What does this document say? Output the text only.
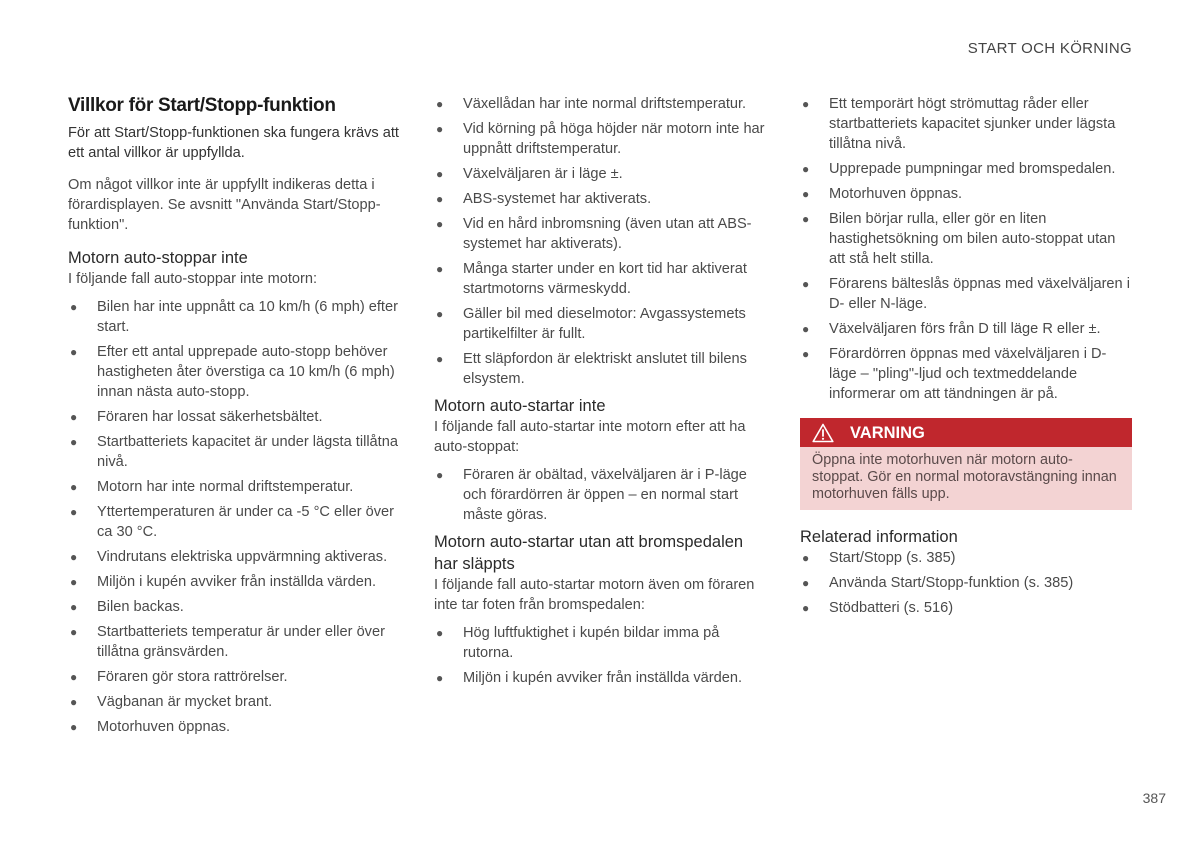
START OCH KÖRNING
Villkor för Start/Stopp-funktion

För att Start/Stopp-funktionen ska fungera krävs att ett antal villkor är uppfyllda.

Om något villkor inte är uppfyllt indikeras detta i förardisplayen. Se avsnitt "Använda Start/Stopp-funktion".

Motorn auto-stoppar inte

I följande fall auto-stoppar inte motorn:

● Bilen har inte uppnått ca 10 km/h (6 mph) efter start.
● Efter ett antal upprepade auto-stopp behöver hastigheten åter överstiga ca 10 km/h (6 mph) innan nästa auto-stopp.
● Föraren har lossat säkerhetsbältet.
● Startbatteriets kapacitet är under lägsta tillåtna nivå.
● Motorn har inte normal driftstemperatur.
● Yttertemperaturen är under ca -5 °C eller över ca 30 °C.
● Vindrutans elektriska uppvärmning aktiveras.
● Miljön i kupén avviker från inställda värden.
● Bilen backas.
● Startbatteriets temperatur är under eller över tillåtna gränsvärden.
● Föraren gör stora rattrörelser.
● Vägbanan är mycket brant.
● Motorhuven öppnas.
● Växellådan har inte normal driftstemperatur.
● Vid körning på höga höjder när motorn inte har uppnått driftstemperatur.
● Växelväljaren är i läge ±.
● ABS-systemet har aktiverats.
● Vid en hård inbromsning (även utan att ABS-systemet har aktiverats).
● Många starter under en kort tid har aktiverat startmotorns värmeskydd.
● Gäller bil med dieselmotor: Avgassystemets partikelfilter är fullt.
● Ett släpfordon är elektriskt anslutet till bilens elsystem.
Motorn auto-startar inte

I följande fall auto-startar inte motorn efter att ha auto-stoppat:

● Föraren är obältad, växelväljaren är i P-läge och förardörren är öppen – en normal start måste göras.
Motorn auto-startar utan att bromspedalen har släppts

I följande fall auto-startar motorn även om föraren inte tar foten från bromspedalen:

● Hög luftfuktighet i kupén bildar imma på rutorna.
● Miljön i kupén avviker från inställda värden.
● Ett temporärt högt strömuttag råder eller startbatteriets kapacitet sjunker under lägsta tillåtna nivå.
● Upprepade pumpningar med bromspedalen.
● Motorhuven öppnas.
● Bilen börjar rulla, eller gör en liten hastighetsökning om bilen auto-stoppat utan att stå helt stilla.
● Förarens bälteslås öppnas med växelväljaren i D- eller N-läge.
● Växelväljaren förs från D till läge R eller ±.
● Förardörren öppnas med växelväljaren i D-läge – "pling"-ljud och textmeddelande informerar om att tändningen är på.
VARNING
Öppna inte motorhuven när motorn auto-stoppat. Gör en normal motoravstängning innan motorhuven fälls upp.
Relaterad information
● Start/Stopp (s. 385)
● Använda Start/Stopp-funktion (s. 385)
● Stödbatteri (s. 516)
387
